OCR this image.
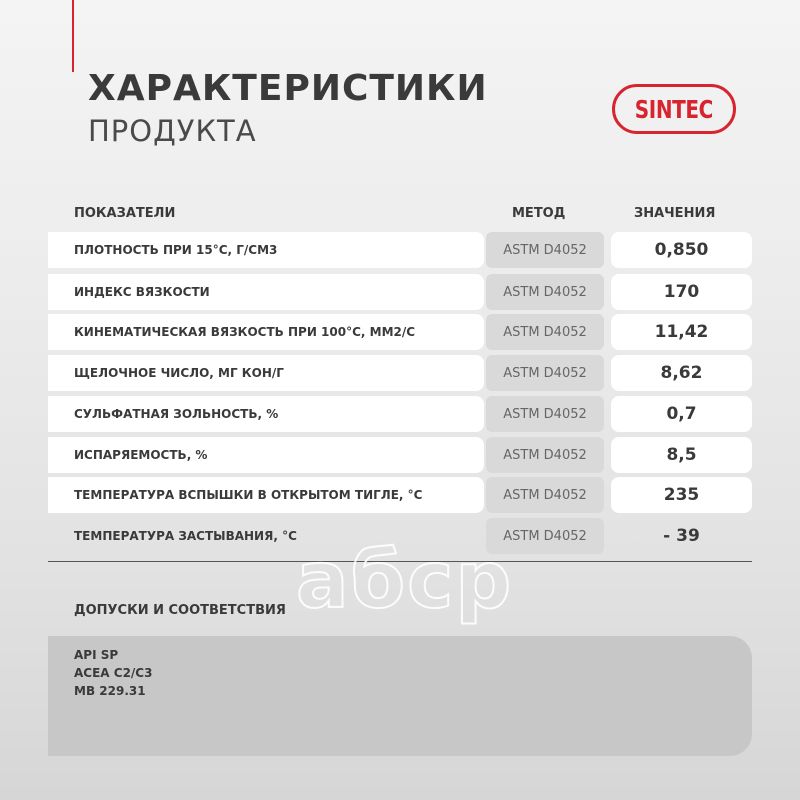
ХАРАКТЕРИСТИКИ
ПРОДУКТА
SINTEC
ПОКАЗАТЕЛИ	МЕТОД	ЗНАЧЕНИЯ
ПЛОТНОСТЬ ПРИ 15°С, Г/СМ3	ASTM D4052	0,850
ИНДЕКС ВЯЗКОСТИ	ASTM D4052	170
КИНЕМАТИЧЕСКАЯ ВЯЗКОСТЬ ПРИ 100°С, ММ2/С	ASTM D4052	11,42
ЩЕЛОЧНОЕ ЧИСЛО, МГ КОН/Г	ASTM D4052	8,62
СУЛЬФАТНАЯ ЗОЛЬНОСТЬ, %	ASTM D4052	0,7
ИСПАРЯЕМОСТЬ, %	ASTM D4052	8,5
ТЕМПЕРАТУРА ВСПЫШКИ В ОТКРЫТОМ ТИГЛЕ, °С	ASTM D4052	235
ТЕМПЕРАТУРА ЗАСТЫВАНИЯ, °С	ASTM D4052	- 39
абср
ДОПУСКИ И СООТВЕТСТВИЯ
API SP
ACEA C2/C3
MB 229.31
